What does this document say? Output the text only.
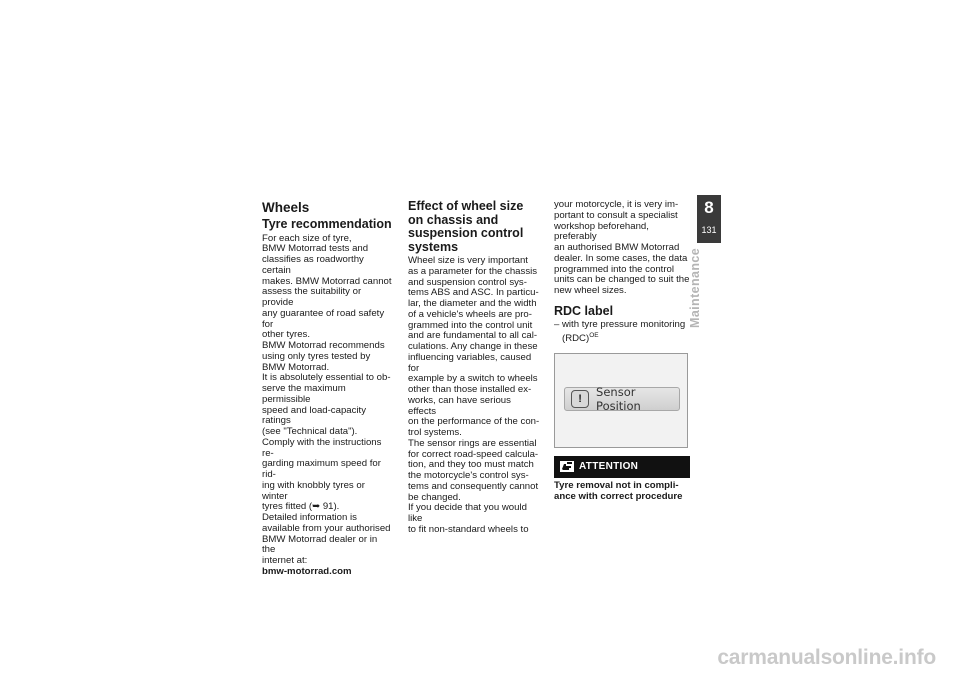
Wheels
Tyre recommendation

For each size of tyre,
BMW Motorrad tests and
classifies as roadworthy certain
makes. BMW Motorrad cannot
assess the suitability or provide
any guarantee of road safety for
other tyres.
BMW Motorrad recommends
using only tyres tested by
BMW Motorrad.
It is absolutely essential to ob-
serve the maximum permissible
speed and load-capacity ratings
(see "Technical data").
Comply with the instructions re-
garding maximum speed for rid-
ing with knobbly tyres or winter
tyres fitted (➥ 91).
Detailed information is
available from your authorised
BMW Motorrad dealer or in the
internet at:

bmw-motorrad.com

Effect of wheel size on chassis and suspension control systems

Wheel size is very important
as a parameter for the chassis
and suspension control sys-
tems ABS and ASC. In particu-
lar, the diameter and the width
of a vehicle's wheels are pro-
grammed into the control unit
and are fundamental to all cal-
culations. Any change in these
influencing variables, caused for
example by a switch to wheels
other than those installed ex-
works, can have serious effects
on the performance of the con-
trol systems.
The sensor rings are essential
for correct road-speed calcula-
tion, and they too must match
the motorcycle's control sys-
tems and consequently cannot
be changed.
If you decide that you would like
to fit non-standard wheels to

your motorcycle, it is very im-
portant to consult a specialist
workshop beforehand, preferably
an authorised BMW Motorrad
dealer. In some cases, the data
programmed into the control
units can be changed to suit the
new wheel sizes.

RDC label
– with tyre pressure monitoring
(RDC)$^{OE}$
!	Sensor Position
ATTENTION
Tyre removal not in compli-
ance with correct procedure
8
131
Maintenance
carmanualsonline.info
